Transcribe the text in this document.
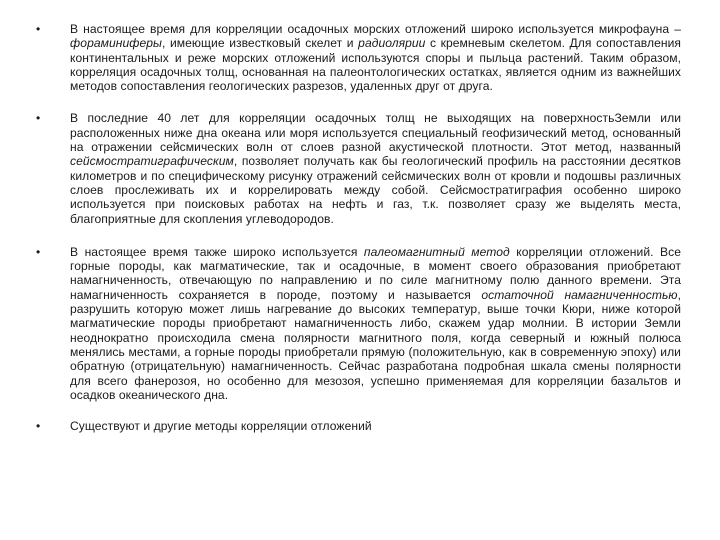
• В настоящее время для корреляции осадочных морских отложений широко используется микрофауна – фораминиферы, имеющие известковый скелет и радиолярии с кремневым скелетом. Для сопоставления континентальных и реже морских отложений используются споры и пыльца растений. Таким образом, корреляция осадочных толщ, основанная на палеонтологических остатках, является одним из важнейших методов сопоставления геологических разрезов, удаленных друг от друга.
• В последние 40 лет для корреляции осадочных толщ не выходящих на поверхностьЗемли или расположенных ниже дна океана или моря используется специальный геофизический метод, основанный на отражении сейсмических волн от слоев разной акустической плотности. Этот метод, названный сейсмостратиграфическим, позволяет получать как бы геологический профиль на расстоянии десятков километров и по специфическому рисунку отражений сейсмических волн от кровли и подошвы различных слоев прослеживать их и коррелировать между собой. Сейсмостратиграфия особенно широко используется при поисковых работах на нефть и газ, т.к. позволяет сразу же выделять места, благоприятные для скопления углеводородов.
• В настоящее время также широко используется палеомагнитный метод корреляции отложений. Все горные породы, как магматические, так и осадочные, в момент своего образования приобретают намагниченность, отвечающую по направлению и по силе магнитному полю данного времени. Эта намагниченность сохраняется в породе, поэтому и называется остаточной намагниченностью, разрушить которую может лишь нагревание до высоких температур, выше точки Кюри, ниже которой магматические породы приобретают намагниченность либо, скажем удар молнии. В истории Земли неоднократно происходила смена полярности магнитного поля, когда северный и южный полюса менялись местами, а горные породы приобретали прямую (положительную, как в современную эпоху) или обратную (отрицательную) намагниченность. Сейчас разработана подробная шкала смены полярности для всего фанерозоя, но особенно для мезозоя, успешно применяемая для корреляции базальтов и осадков океанического дна.
• Существуют и другие методы корреляции отложений
